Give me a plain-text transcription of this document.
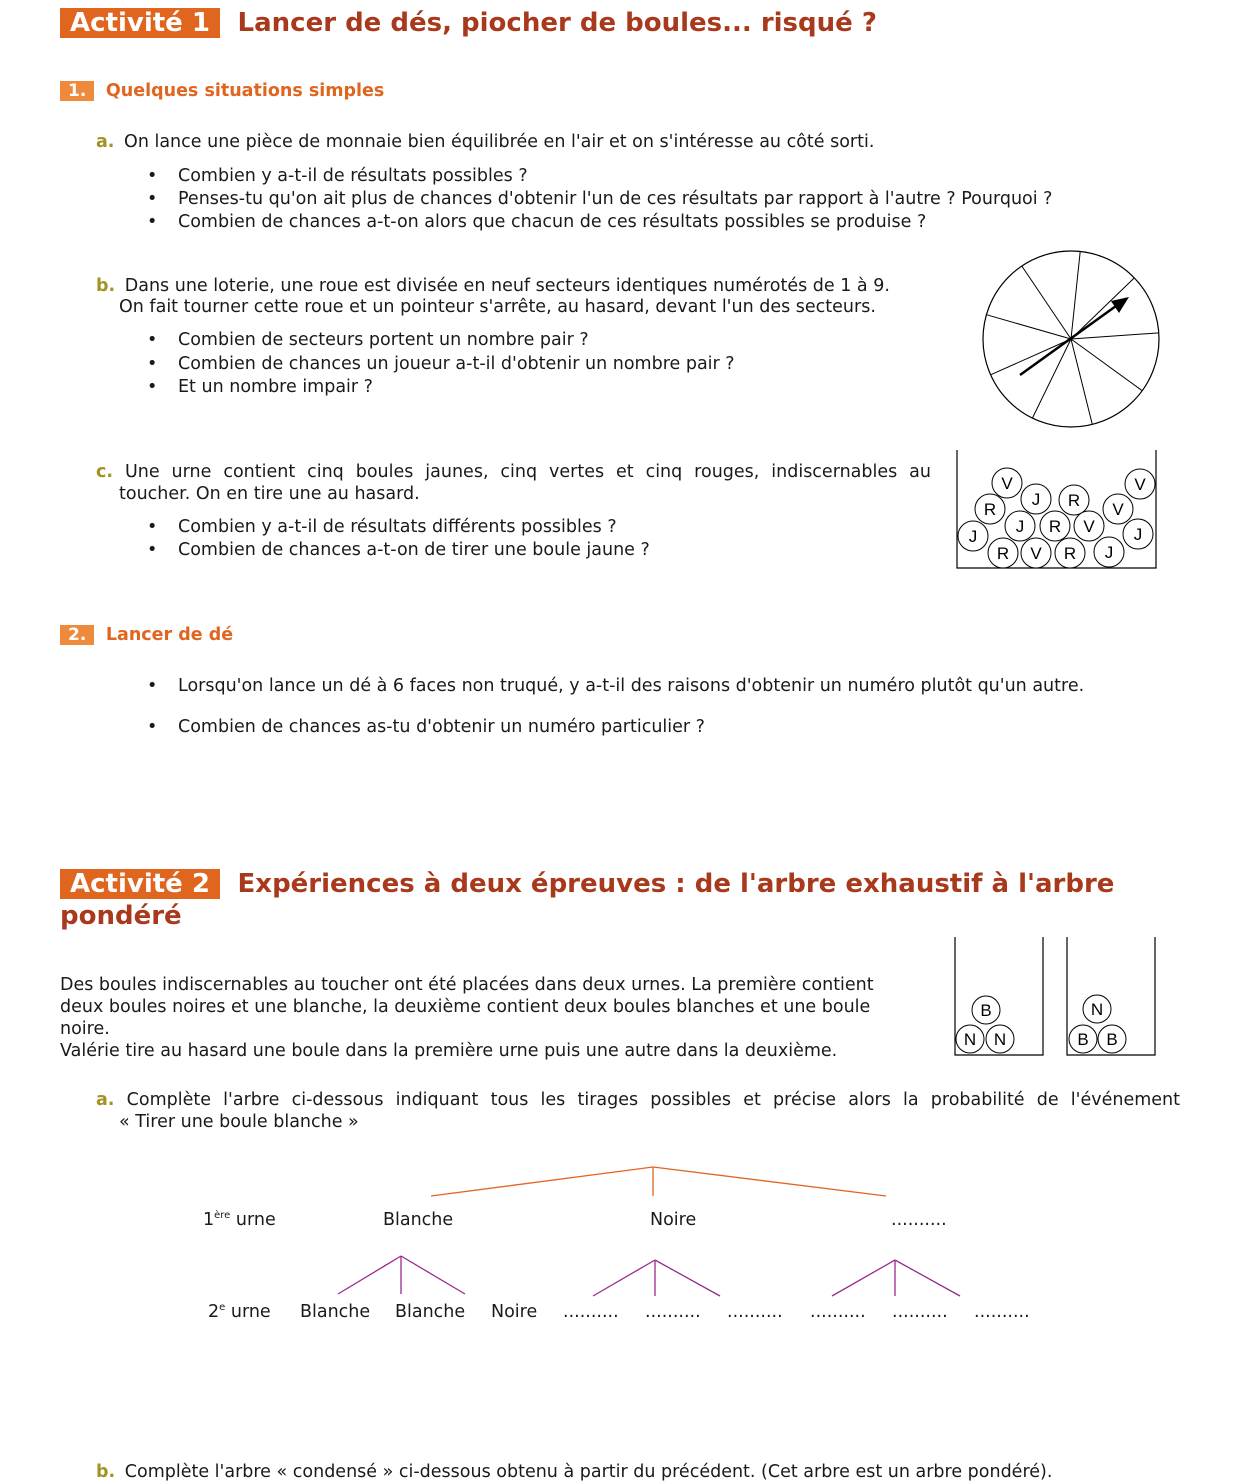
Activité 1 Lancer de dés, piocher de boules... risqué ?
1. Quelques situations simples
a. On lance une pièce de monnaie bien équilibrée en l'air et on s'intéresse au côté sorti.
• Combien y a-t-il de résultats possibles ?
• Penses-tu qu'on ait plus de chances d'obtenir l'un de ces résultats par rapport à l'autre ? Pourquoi ?
• Combien de chances a-t-on alors que chacun de ces résultats possibles se produise ?
b. Dans une loterie, une roue est divisée en neuf secteurs identiques numérotés de 1 à 9.
On fait tourner cette roue et un pointeur s'arrête, au hasard, devant l'un des secteurs.
• Combien de secteurs portent un nombre pair ?
• Combien de chances un joueur a-t-il d'obtenir un nombre pair ?
• Et un nombre impair ?
c. Une urne contient cinq boules jaunes, cinq vertes et cinq rouges, indiscernables au
toucher. On en tire une au hasard.
• Combien y a-t-il de résultats différents possibles ?
• Combien de chances a-t-on de tirer une boule jaune ?
V	V
R
J R V
J R V
J	J
R V R J
2. Lancer de dé
• Lorsqu'on lance un dé à 6 faces non truqué, y a-t-il des raisons d'obtenir un numéro plutôt qu'un autre.
• Combien de chances as-tu d'obtenir un numéro particulier ?
Activité 2 Expériences à deux épreuves : de l'arbre exhaustif à l'arbre
pondéré
Des boules indiscernables au toucher ont été placées dans deux urnes. La première contient
deux boules noires et une blanche, la deuxième contient deux boules blanches et une boule
noire.
Valérie tire au hasard une boule dans la première urne puis une autre dans la deuxième.
B
N N
N
B B
a. Complète l'arbre ci-dessous indiquant tous les tirages possibles et précise alors la probabilité de l'événement
« Tirer une boule blanche »
1ère urne
2e urne
Blanche	Noire	..........
Blanche Blanche Noire .......... .......... .......... .......... .......... ..........
b. Complète l'arbre « condensé » ci-dessous obtenu à partir du précédent. (Cet arbre est un arbre pondéré).
